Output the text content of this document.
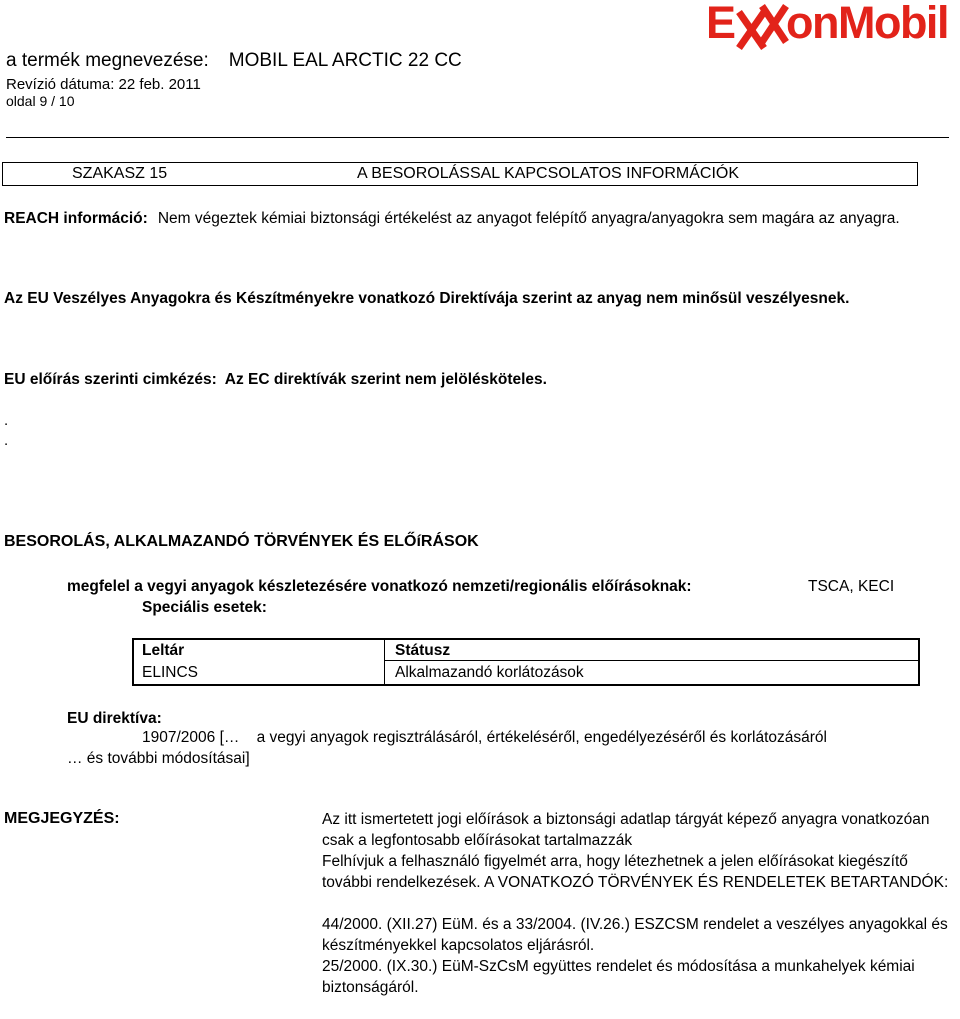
a termék megnevezése: MOBIL EAL ARCTIC 22 CC
Revízió dátuma: 22 feb. 2011
oldal 9 / 10
E onMobil
SZAKASZ 15	A BESOROLÁSSAL KAPCSOLATOS INFORMÁCIÓK
REACH információ: Nem végeztek kémiai biztonsági értékelést az anyagot felépítő anyagra/anyagokra sem magára az anyagra.
Az EU Veszélyes Anyagokra és Készítményekre vonatkozó Direktívája szerint az anyag nem minősül veszélyesnek.
EU előírás szerinti cimkézés: Az EC direktívák szerint nem jelölésköteles.
.
.
BESOROLÁS, ALKALMAZANDÓ TÖRVÉNYEK ÉS ELŐíRÁSOK
megfelel a vegyi anyagok készletezésére vonatkozó nemzeti/regionális előírásoknak:	TSCA, KECI
Speciális esetek:
Leltár	Státusz
ELINCS	Alkalmazandó korlátozások
EU direktíva:
1907/2006 […    a vegyi anyagok regisztrálásáról, értékeléséről, engedélyezéséről és korlátozásáról
… és további módosításai]
MEGJEGYZÉS:	Az itt ismertetett jogi előírások a biztonsági adatlap tárgyát képező anyagra vonatkozóan csak a legfontosabb előírásokat tartalmazzák

Felhívjuk a felhasználó figyelmét arra, hogy létezhetnek a jelen előírásokat kiegészítő további rendelkezések. A VONATKOZÓ TÖRVÉNYEK ÉS RENDELETEK BETARTANDÓK:

44/2000. (XII.27) EüM. és a 33/2004. (IV.26.) ESZCSM rendelet a veszélyes anyagokkal és készítményekkel kapcsolatos eljárásról.

25/2000. (IX.30.) EüM-SzCsM együttes rendelet és módosítása a munkahelyek kémiai biztonságáról.
